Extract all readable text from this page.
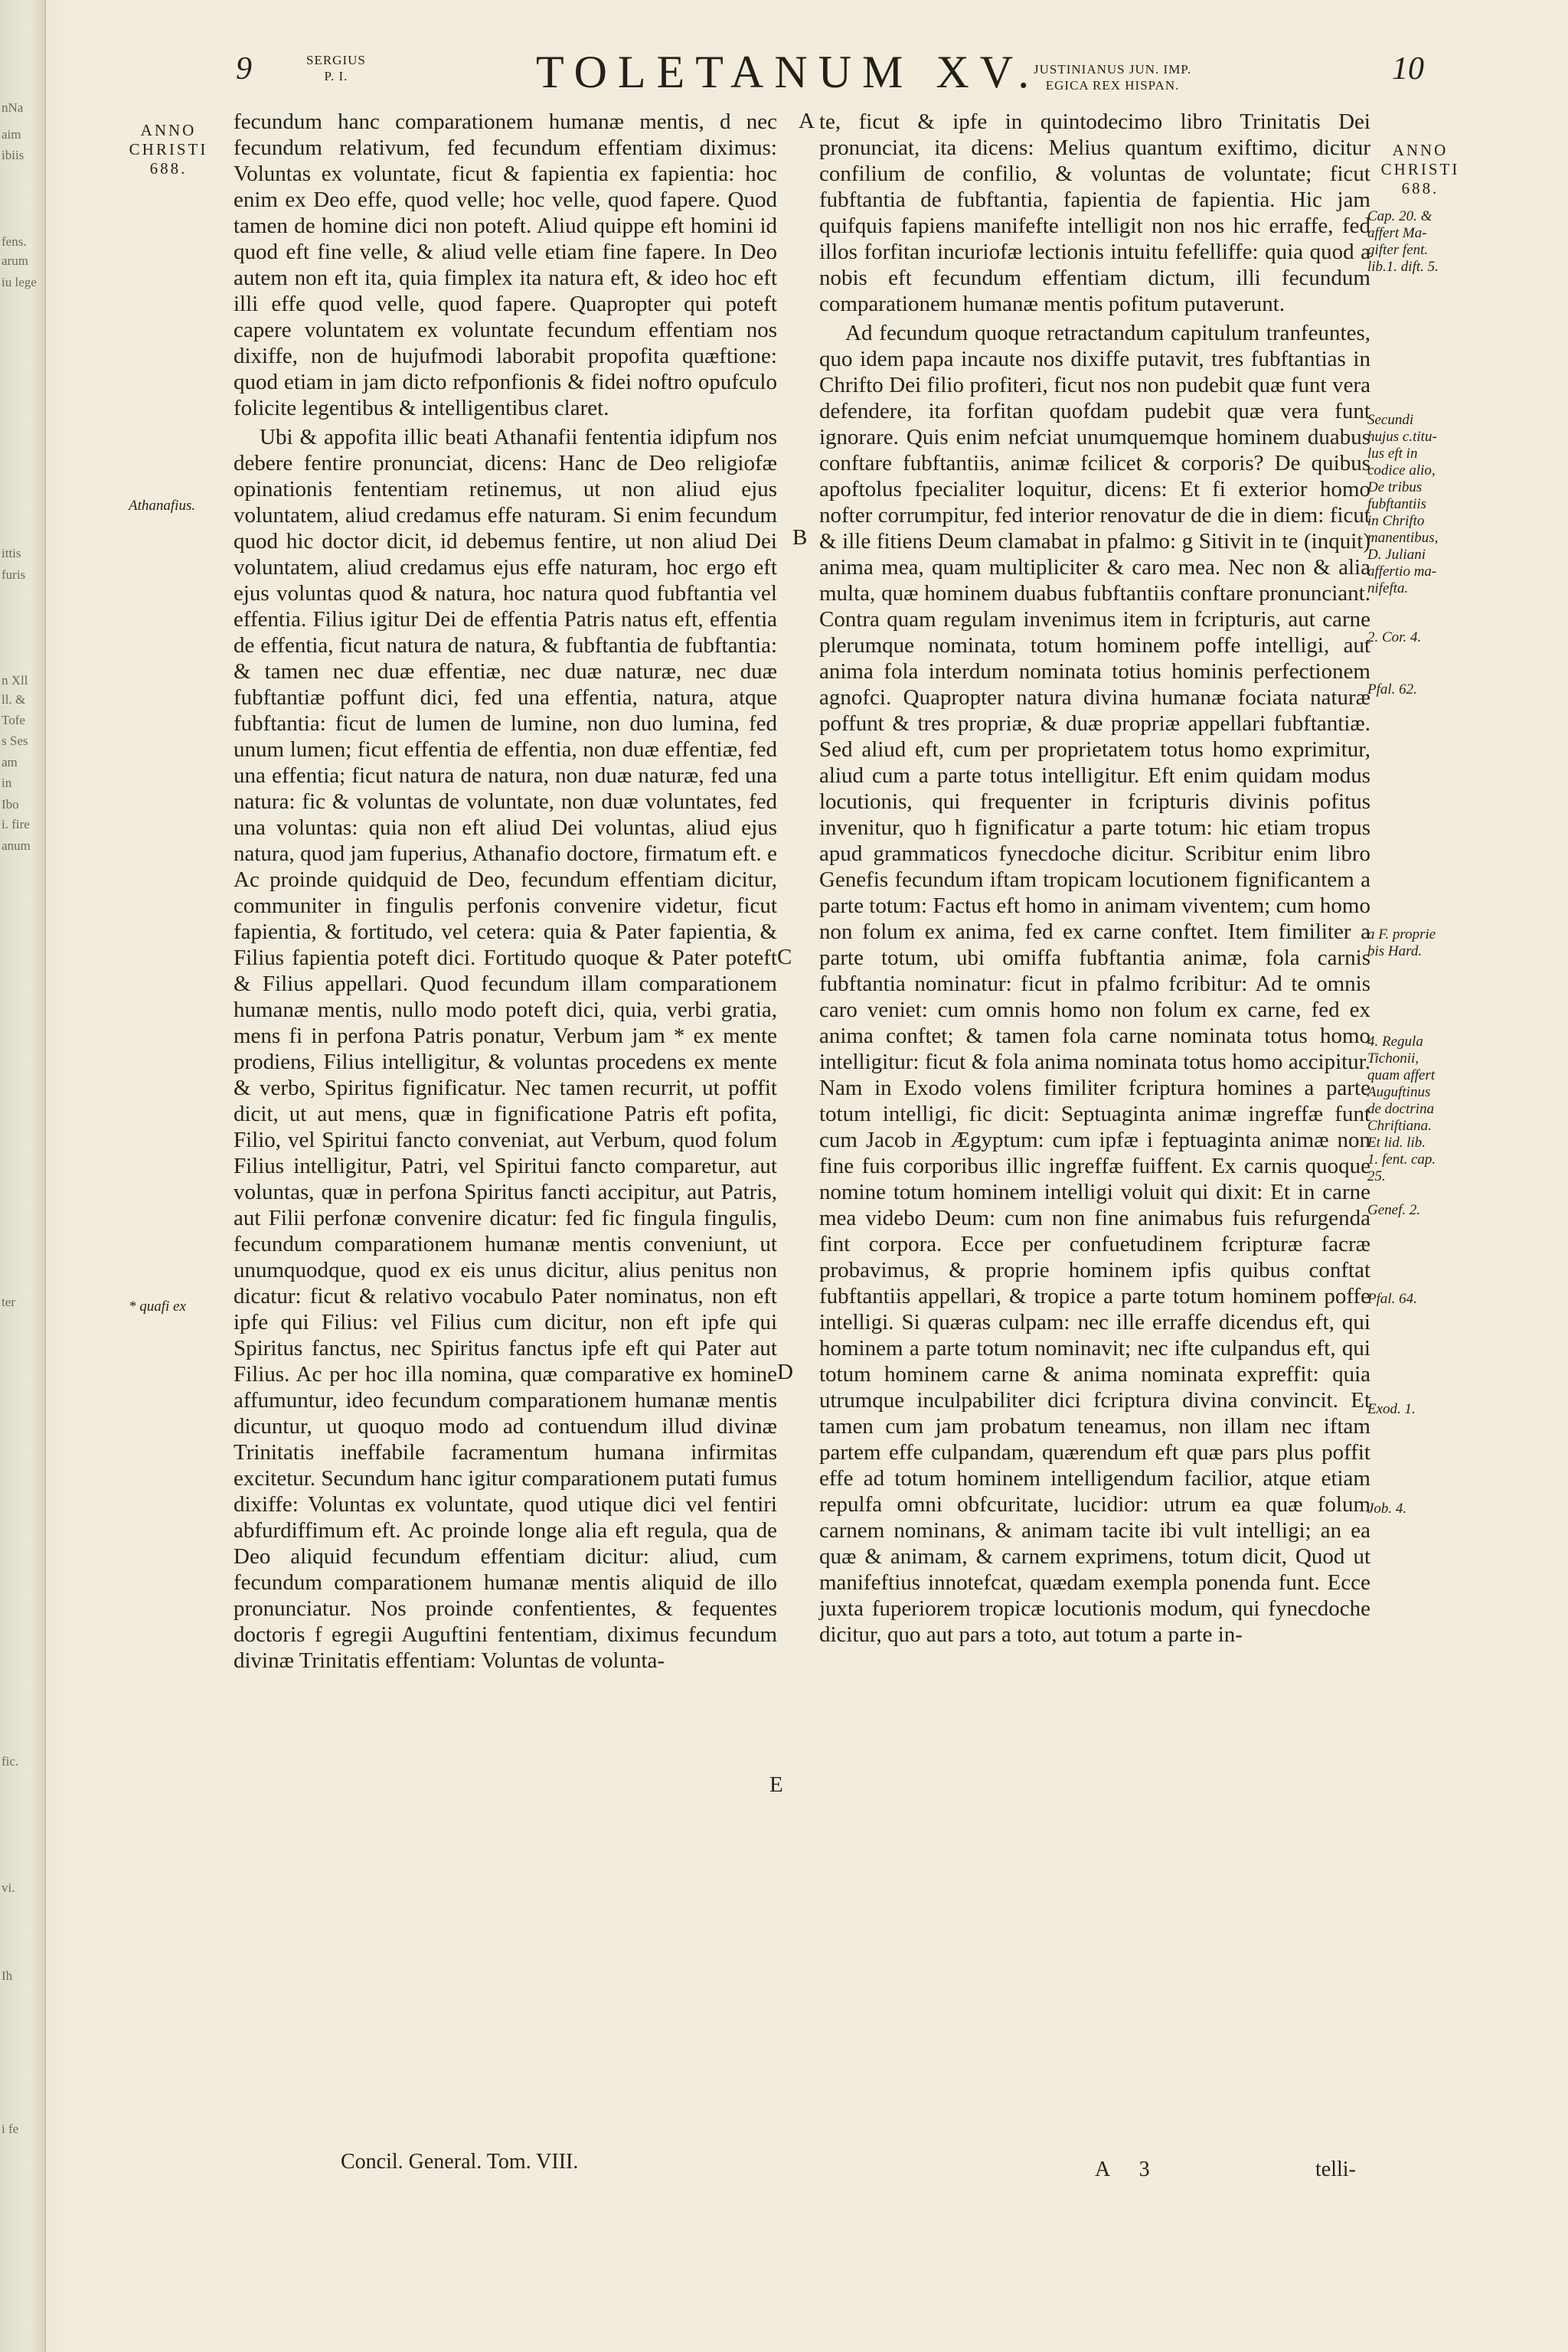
nNa
aim
ibiis
fens.
arum
iu lege
ittis
furis
n Xll
ll. &
Tofe
s Ses
am
in
Ibo
i. fire
anum
ter
fic.
vi.
Ih
i fe
9	SERGIUS
P. I.	TOLETANUM XV.
JUSTINIANUS JUN. IMP.
EGICA REX HISPAN.	10
ANNO
CHRISTI
688.
ANNO
CHRISTI
688.

fecundum hanc comparationem humanæ mentis, d nec fecundum relativum, fed fecundum effentiam diximus: Voluntas ex voluntate, ficut & fapientia ex fapientia: hoc enim ex Deo effe, quod velle; hoc velle, quod fapere. Quod tamen de homine dici non poteft. Aliud quippe eft homini id quod eft fine velle, & aliud velle etiam fine fapere. In Deo autem non eft ita, quia fimplex ita natura eft, & ideo hoc eft illi effe quod velle, quod fapere. Quapropter qui poteft capere voluntatem ex voluntate fecundum effentiam nos dixiffe, non de hujufmodi laborabit propofita quæftione: quod etiam in jam dicto refponfionis & fidei noftro opufculo folicite legentibus & intelligentibus claret.

Ubi & appofita illic beati Athanafii fententia idipfum nos debere fentire pronunciat, dicens: Hanc de Deo religiofæ opinationis fententiam retinemus, ut non aliud ejus voluntatem, aliud credamus effe naturam. Si enim fecundum quod hic doctor dicit, id debemus fentire, ut non aliud Dei voluntatem, aliud credamus ejus effe naturam, hoc ergo eft ejus voluntas quod & natura, hoc natura quod fubftantia vel effentia. Filius igitur Dei de effentia Patris natus eft, effentia de effentia, ficut natura de natura, & fubftantia de fubftantia: & tamen nec duæ effentiæ, nec duæ naturæ, nec duæ fubftantiæ poffunt dici, fed una effentia, natura, atque fubftantia: ficut de lumen de lumine, non duo lumina, fed unum lumen; ficut effentia de effentia, non duæ effentiæ, fed una effentia; ficut natura de natura, non duæ naturæ, fed una natura: fic & voluntas de voluntate, non duæ voluntates, fed una voluntas: quia non eft aliud Dei voluntas, aliud ejus natura, quod jam fuperius, Athanafio doctore, firmatum eft. e Ac proinde quidquid de Deo, fecundum effentiam dicitur, communiter in fingulis perfonis convenire videtur, ficut fapientia, & fortitudo, vel cetera: quia & Pater fapientia, & Filius fapientia poteft dici. Fortitudo quoque & Pater poteft & Filius appellari. Quod fecundum illam comparationem humanæ mentis, nullo modo poteft dici, quia, verbi gratia, mens fi in perfona Patris ponatur, Verbum jam * ex mente prodiens, Filius intelligitur, & voluntas procedens ex mente & verbo, Spiritus fignificatur. Nec tamen recurrit, ut poffit dicit, ut aut mens, quæ in fignificatione Patris eft pofita, Filio, vel Spiritui fancto conveniat, aut Verbum, quod folum Filius intelligitur, Patri, vel Spiritui fancto comparetur, aut voluntas, quæ in perfona Spiritus fancti accipitur, aut Patris, aut Filii perfonæ convenire dicatur: fed fic fingula fingulis, fecundum comparationem humanæ mentis conveniunt, ut unumquodque, quod ex eis unus dicitur, alius penitus non dicatur: ficut & relativo vocabulo Pater nominatus, non eft ipfe qui Filius: vel Filius cum dicitur, non eft ipfe qui Spiritus fanctus, nec Spiritus fanctus ipfe eft qui Pater aut Filius. Ac per hoc illa nomina, quæ comparative ex homine affumuntur, ideo fecundum comparationem humanæ mentis dicuntur, ut quoquo modo ad contuendum illud divinæ Trinitatis ineffabile facramentum humana infirmitas excitetur. Secundum hanc igitur comparationem putati fumus dixiffe: Voluntas ex voluntate, quod utique dici vel fentiri abfurdiffimum eft. Ac proinde longe alia eft regula, qua de Deo aliquid fecundum effentiam dicitur: aliud, cum fecundum comparationem humanæ mentis aliquid de illo pronunciatur. Nos proinde confentientes, & fequentes doctoris f egregii Auguftini fententiam, diximus fecundum divinæ Trinitatis effentiam: Voluntas de volunta-

te, ficut & ipfe in quintodecimo libro Trinitatis Dei pronunciat, ita dicens: Melius quantum exiftimo, dicitur confilium de confilio, & voluntas de voluntate; ficut fubftantia de fubftantia, fapientia de fapientia. Hic jam quifquis fapiens manifefte intelligit non nos hic erraffe, fed illos forfitan incuriofæ lectionis intuitu fefelliffe: quia quod a nobis eft fecundum effentiam dictum, illi fecundum comparationem humanæ mentis pofitum putaverunt.

Ad fecundum quoque retractandum capitulum tranfeuntes, quo idem papa incaute nos dixiffe putavit, tres fubftantias in Chrifto Dei filio profiteri, ficut nos non pudebit quæ funt vera defendere, ita forfitan quofdam pudebit quæ vera funt ignorare. Quis enim nefciat unumquemque hominem duabus conftare fubftantiis, animæ fcilicet & corporis? De quibus apoftolus fpecialiter loquitur, dicens: Et fi exterior homo nofter corrumpitur, fed interior renovatur de die in diem: ficut & ille fitiens Deum clamabat in pfalmo: g Sitivit in te (inquit) anima mea, quam multipliciter & caro mea. Nec non & alia multa, quæ hominem duabus fubftantiis conftare pronunciant. Contra quam regulam invenimus item in fcripturis, aut carne plerumque nominata, totum hominem poffe intelligi, aut anima fola interdum nominata totius hominis perfectionem agnofci. Quapropter natura divina humanæ fociata naturæ poffunt & tres propriæ, & duæ propriæ appellari fubftantiæ. Sed aliud eft, cum per proprietatem totus homo exprimitur, aliud cum a parte totus intelligitur. Eft enim quidam modus locutionis, qui frequenter in fcripturis divinis pofitus invenitur, quo h fignificatur a parte totum: hic etiam tropus apud grammaticos fynecdoche dicitur. Scribitur enim libro Genefis fecundum iftam tropicam locutionem fignificantem a parte totum: Factus eft homo in animam viventem; cum homo non folum ex anima, fed ex carne conftet. Item fimiliter a parte totum, ubi omiffa fubftantia animæ, fola carnis fubftantia nominatur: ficut in pfalmo fcribitur: Ad te omnis caro veniet: cum omnis homo non folum ex carne, fed ex anima conftet; & tamen fola carne nominata totus homo intelligitur: ficut & fola anima nominata totus homo accipitur. Nam in Exodo volens fimiliter fcriptura homines a parte totum intelligi, fic dicit: Septuaginta animæ ingreffæ funt cum Jacob in Ægyptum: cum ipfæ i feptuaginta animæ non fine fuis corporibus illic ingreffæ fuiffent. Ex carnis quoque nomine totum hominem intelligi voluit qui dixit: Et in carne mea videbo Deum: cum non fine animabus fuis refurgenda fint corpora. Ecce per confuetudinem fcripturæ facræ probavimus, & proprie hominem ipfis quibus conftat fubftantiis appellari, & tropice a parte totum hominem poffe intelligi. Si quæras culpam: nec ille erraffe dicendus eft, qui hominem a parte totum nominavit; nec ifte culpandus eft, qui totum hominem carne & anima nominata expreffit: quia utrumque inculpabiliter dici fcriptura divina convincit. Et tamen cum jam probatum teneamus, non illam nec iftam partem effe culpandam, quærendum eft quæ pars plus poffit effe ad totum hominem intelligendum facilior, atque etiam repulfa omni obfcuritate, lucidior: utrum ea quæ folum carnem nominans, & animam tacite ibi vult intelligi; an ea quæ & animam, & carnem exprimens, totum dicit, Quod ut manifeftius innotefcat, quædam exempla ponenda funt. Ecce juxta fuperiorem tropicæ locutionis modum, qui fynecdoche dicitur, quo aut pars a toto, aut totum a parte in-

Athanafius.
* quafi ex
A
B
C
D
E
Cap. 20. &
affert Ma-
gifter fent.
lib.1. dift. 5.
Secundi
hujus c.titu-
lus eft in
codice alio,
De tribus
fubftantiis
in Chrifto
manentibus,
D. Juliani
affertio ma-
nifefta.
2. Cor. 4.
Pfal. 62.
a F. proprie
bis Hard.
4. Regula
Tichonii,
quam affert
Auguftinus
de doctrina
Chriftiana.
Et lid. lib.
1. fent. cap.
25.
Genef. 2.
Pfal. 64.
Exod. 1.
Job. 4.
Concil. General. Tom. VIII.	A 3	telli-
